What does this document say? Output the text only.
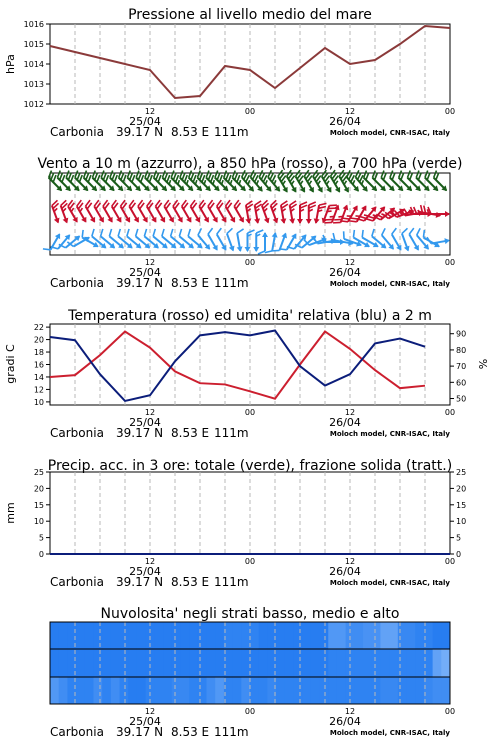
Pressione al livello medio del mare
1012
1013
1014
1015
1016
hPa
12	00	12	00
25/04	26/04
Carbonia 39.17 N 8.53 E 111m	Moloch model, CNR-ISAC, Italy
Vento a 10 m (azzurro), a 850 hPa (rosso), a 700 hPa (verde)
12	00	12	00
25/04	26/04
Carbonia 39.17 N 8.53 E 111m	Moloch model, CNR-ISAC, Italy
Temperatura (rosso) ed umidita' relativa (blu) a 2 m
10
12
14
16
18
20
22
50
60
70
80
90
gradi C	%
12	00	12	00
25/04	26/04
Carbonia 39.17 N 8.53 E 111m	Moloch model, CNR-ISAC, Italy
Precip. acc. in 3 ore: totale (verde), frazione solida (tratt.)
0
5
10
15
20
25
0
5
10
15
20
25
mm
12	00	12	00
25/04	26/04
Carbonia 39.17 N 8.53 E 111m	Moloch model, CNR-ISAC, Italy
Nuvolosita' negli strati basso, medio e alto
12	00	12	00
25/04	26/04
Carbonia 39.17 N 8.53 E 111m	Moloch model, CNR-ISAC, Italy
